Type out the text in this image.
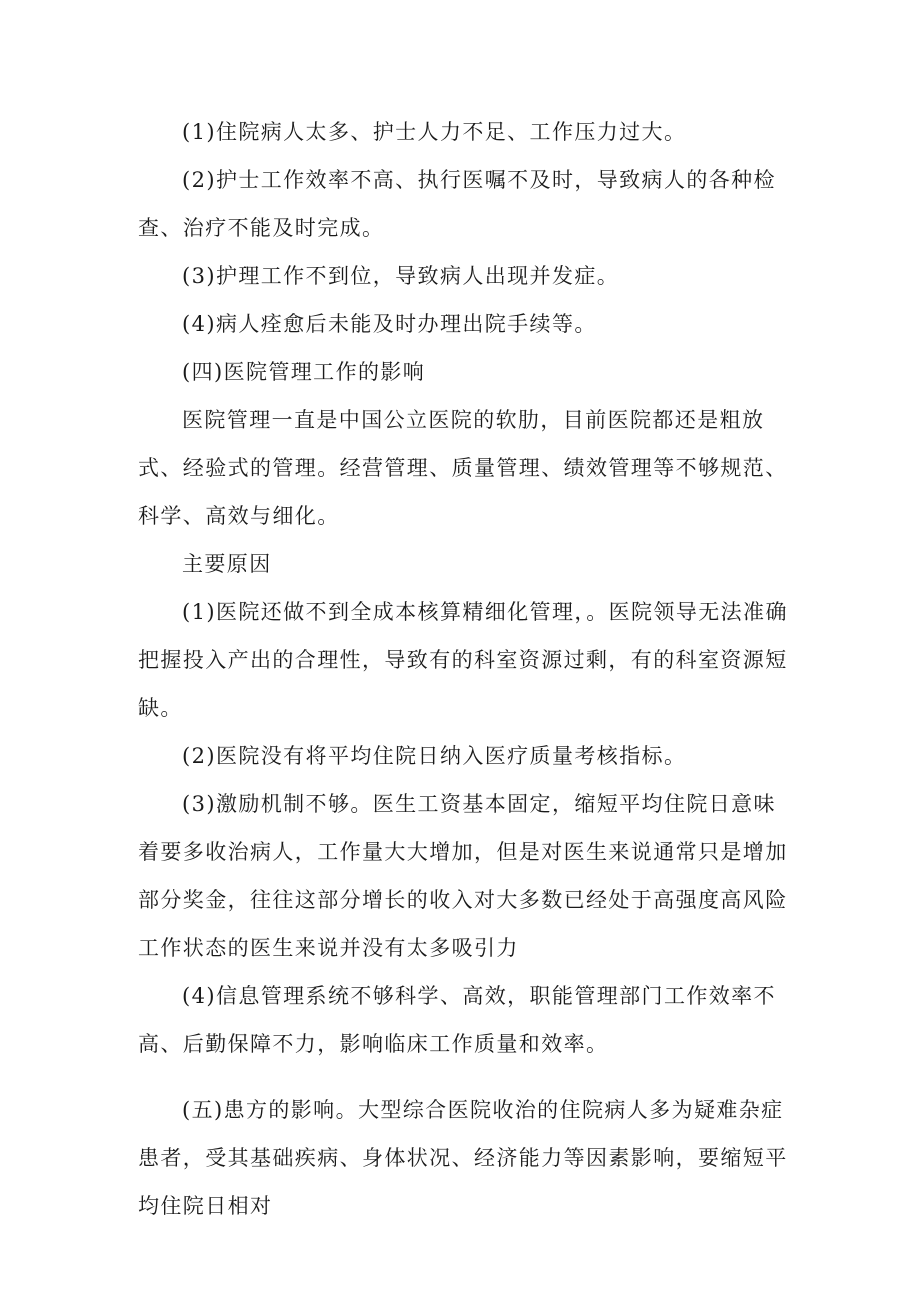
(1)住院病人太多、护士人力不足、工作压力过大。

(2)护士工作效率不高、执行医嘱不及时，导致病人的各种检查、治疗不能及时完成。

(3)护理工作不到位，导致病人出现并发症。

(4)病人痊愈后未能及时办理出院手续等。

(四)医院管理工作的影响

医院管理一直是中国公立医院的软肋，目前医院都还是粗放式、经验式的管理。经营管理、质量管理、绩效管理等不够规范、科学、高效与细化。

主要原因

(1)医院还做不到全成本核算精细化管理，。医院领导无法准确把握投入产出的合理性，导致有的科室资源过剩，有的科室资源短缺。

(2)医院没有将平均住院日纳入医疗质量考核指标。

(3)激励机制不够。医生工资基本固定，缩短平均住院日意味着要多收治病人，工作量大大增加，但是对医生来说通常只是增加部分奖金，往往这部分增长的收入对大多数已经处于高强度高风险工作状态的医生来说并没有太多吸引力

(4)信息管理系统不够科学、高效，职能管理部门工作效率不高、后勤保障不力，影响临床工作质量和效率。

(五)患方的影响。大型综合医院收治的住院病人多为疑难杂症患者，受其基础疾病、身体状况、经济能力等因素影响，要缩短平均住院日相对
